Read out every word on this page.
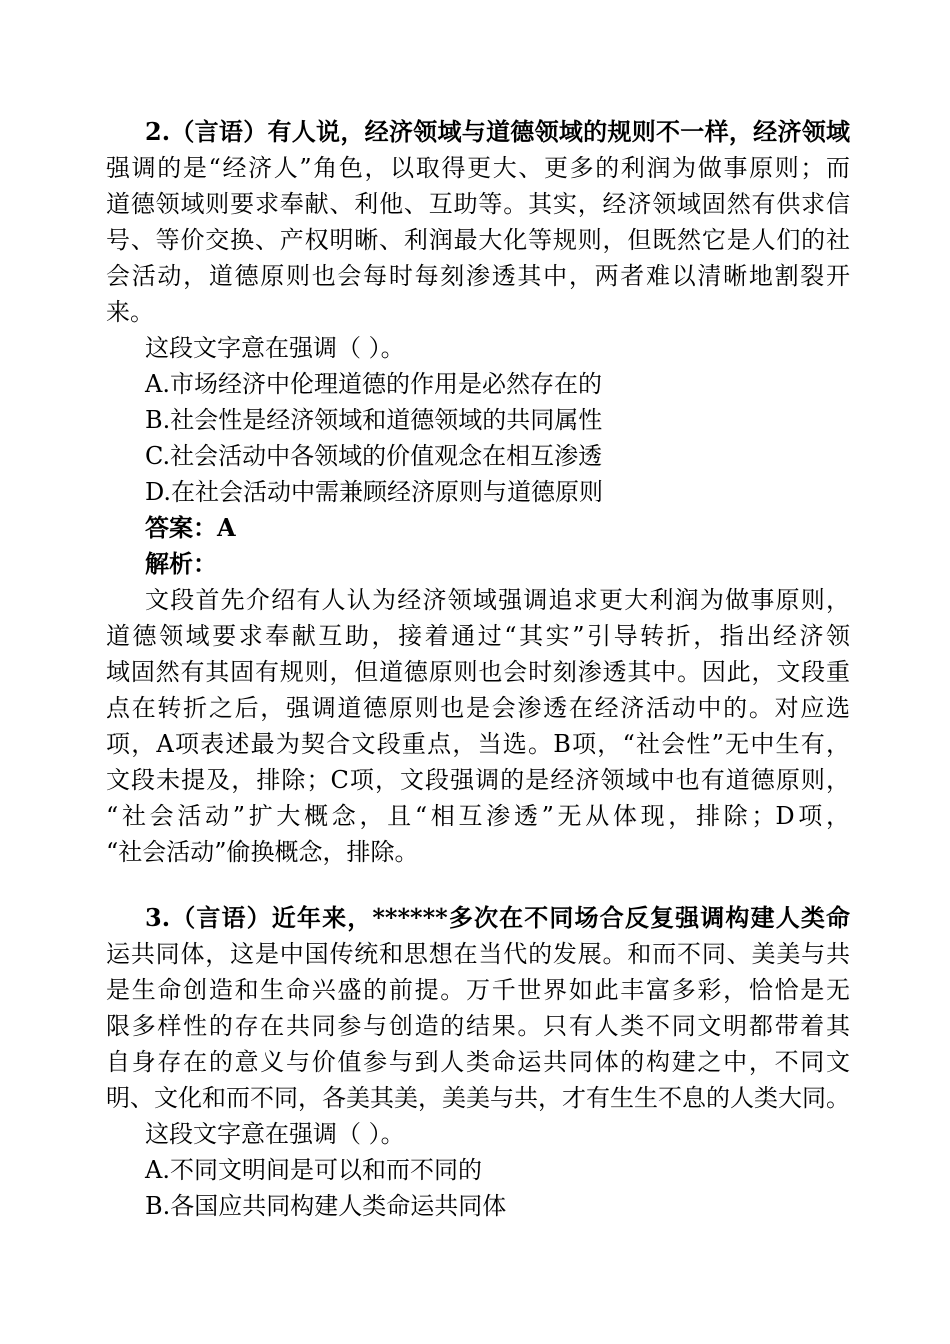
2.（言语）有人说，经济领域与道德领域的规则不一样，经济领域
强调的是“经济人”角色，以取得更大、更多的利润为做事原则；而
道德领域则要求奉献、利他、互助等。其实，经济领域固然有供求信
号、等价交换、产权明晰、利润最大化等规则，但既然它是人们的社
会活动，道德原则也会每时每刻渗透其中，两者难以清晰地割裂开
来。
这段文字意在强调（ ）。
A.市场经济中伦理道德的作用是必然存在的
B.社会性是经济领域和道德领域的共同属性
C.社会活动中各领域的价值观念在相互渗透
D.在社会活动中需兼顾经济原则与道德原则
答案：A
解析：
文段首先介绍有人认为经济领域强调追求更大利润为做事原则，
道德领域要求奉献互助，接着通过“其实”引导转折，指出经济领
域固然有其固有规则，但道德原则也会时刻渗透其中。因此，文段重
点在转折之后，强调道德原则也是会渗透在经济活动中的。对应选
项，A项表述最为契合文段重点，当选。B项，“社会性”无中生有，
文段未提及，排除；C项，文段强调的是经济领域中也有道德原则，
“社会活动”扩大概念，且“相互渗透”无从体现，排除；D项，
“社会活动”偷换概念，排除。
3.（言语）近年来，******多次在不同场合反复强调构建人类命
运共同体，这是中国传统和思想在当代的发展。和而不同、美美与共
是生命创造和生命兴盛的前提。万千世界如此丰富多彩，恰恰是无
限多样性的存在共同参与创造的结果。只有人类不同文明都带着其
自身存在的意义与价值参与到人类命运共同体的构建之中，不同文
明、文化和而不同，各美其美，美美与共，才有生生不息的人类大同。
这段文字意在强调（ ）。
A.不同文明间是可以和而不同的
B.各国应共同构建人类命运共同体
